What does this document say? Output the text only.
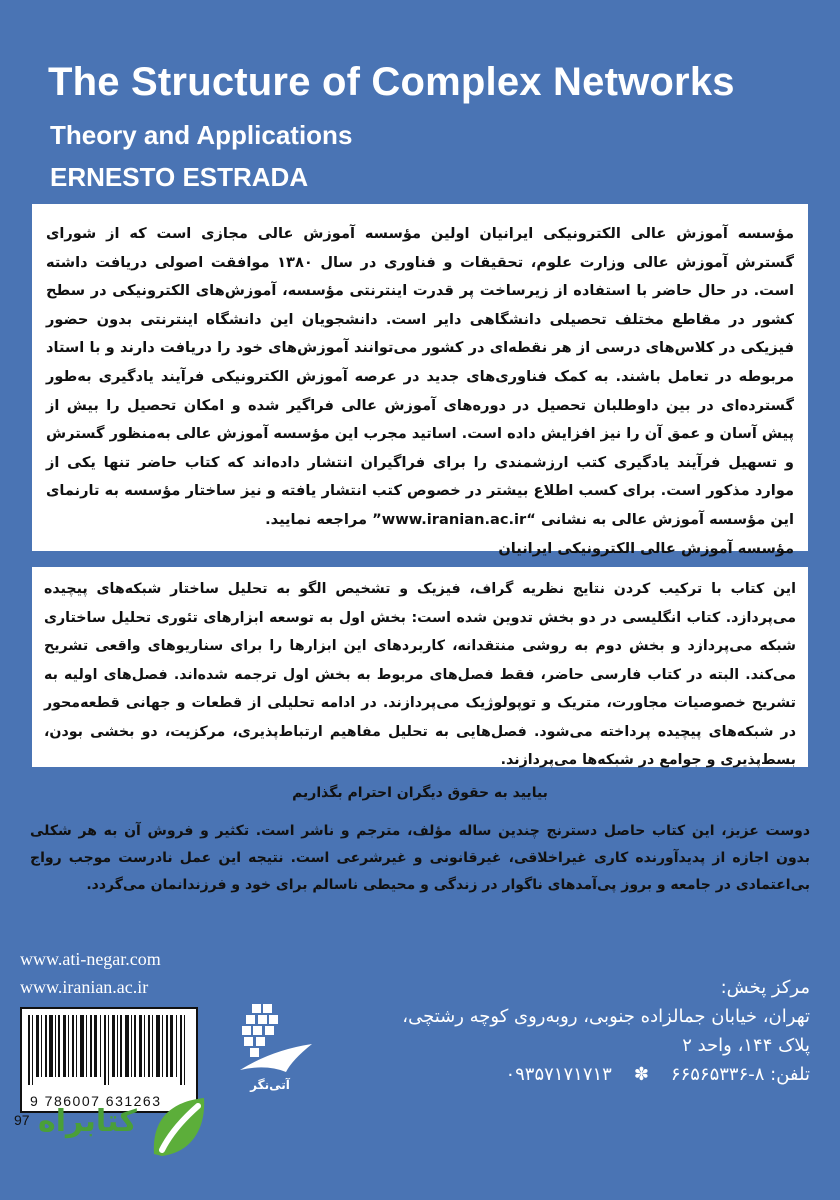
The Structure of Complex Networks
Theory and Applications
ERNESTO ESTRADA

مؤسسه آموزش عالی الکترونیکی ایرانیان اولین مؤسسه آموزش عالی مجازی است که از شورای گسترش آموزش عالی وزارت علوم، تحقیقات و فناوری در سال ۱۳۸۰ موافقت اصولی دریافت داشته است. در حال حاضر با استفاده از زیرساخت پر قدرت اینترنتی مؤسسه، آموزش‌های الکترونیکی در سطح کشور در مقاطع مختلف تحصیلی دانشگاهی دایر است. دانشجویان این دانشگاه اینترنتی بدون حضور فیزیکی در کلاس‌های درسی از هر نقطه‌ای در کشور می‌توانند آموزش‌های خود را دریافت دارند و با استاد مربوطه در تعامل باشند. به کمک فناوری‌های جدید در عرصه آموزش الکترونیکی فرآیند یادگیری به‌طور گسترده‌ای در بین داوطلبان تحصیل در دوره‌های آموزش عالی فراگیر شده و امکان تحصیل را بیش از پیش آسان و عمق آن را نیز افزایش داده است. اساتید مجرب این مؤسسه آموزش عالی به‌منظور گسترش و تسهیل فرآیند یادگیری کتب ارزشمندی را برای فراگیران انتشار داده‌اند که کتاب حاضر تنها یکی از موارد مذکور است. برای کسب اطلاع بیشتر در خصوص کتب انتشار یافته و نیز ساختار مؤسسه به تارنمای این مؤسسه آموزش عالی به نشانی “www.iranian.ac.ir” مراجعه نمایید.

مؤسسه آموزش عالی الکترونیکی ایرانیان

این کتاب با ترکیب کردن نتایج نظریه گراف، فیزیک و تشخیص الگو به تحلیل ساختار شبکه‌های پیچیده می‌پردازد. کتاب انگلیسی در دو بخش تدوین شده است: بخش اول به توسعه ابزارهای تئوری تحلیل ساختاری شبکه می‌پردازد و بخش دوم به روشی منتقدانه، کاربردهای این ابزارها را برای سناریوهای واقعی تشریح می‌کند. البته در کتاب فارسی حاضر، فقط فصل‌های مربوط به بخش اول ترجمه شده‌اند. فصل‌های اولیه به تشریح خصوصیات مجاورت، متریک و توپولوژیک می‌پردازند. در ادامه تحلیلی از قطعات و جهانی قطعه‌محور در شبکه‌های پیچیده پرداخته می‌شود. فصل‌هایی به تحلیل مفاهیم ارتباط‌پذیری، مرکزیت، دو بخشی بودن، بسط‌پذیری و جوامع در شبکه‌ها می‌پردازند.

بیایید به حقوق دیگران احترام بگذاریم
دوست عزیز، این کتاب حاصل دسترنج چندین ساله مؤلف، مترجم و ناشر است. تکثیر و فروش آن به هر شکلی بدون اجازه از پدیدآورنده کاری غیراخلاقی، غیرقانونی و غیرشرعی است. نتیجه این عمل نادرست موجب رواج بی‌اعتمادی در جامعه و بروز پی‌آمدهای ناگوار در زندگی و محیطی ناسالم برای خود و فرزندانمان می‌گردد.
www.ati-negar.com
www.iranian.ac.ir
9 786007 631263
97
آتی‌نگر
مرکز پخش:
تهران، خیابان جمالزاده جنوبی، روبه‌روی کوچه رشتچی،
پلاک ۱۴۴، واحد ۲
تلفن: ۸-۶۶۵۶۵۳۳۶
✽
۰۹۳۵۷۱۷۱۷۱۳
کتابراه
